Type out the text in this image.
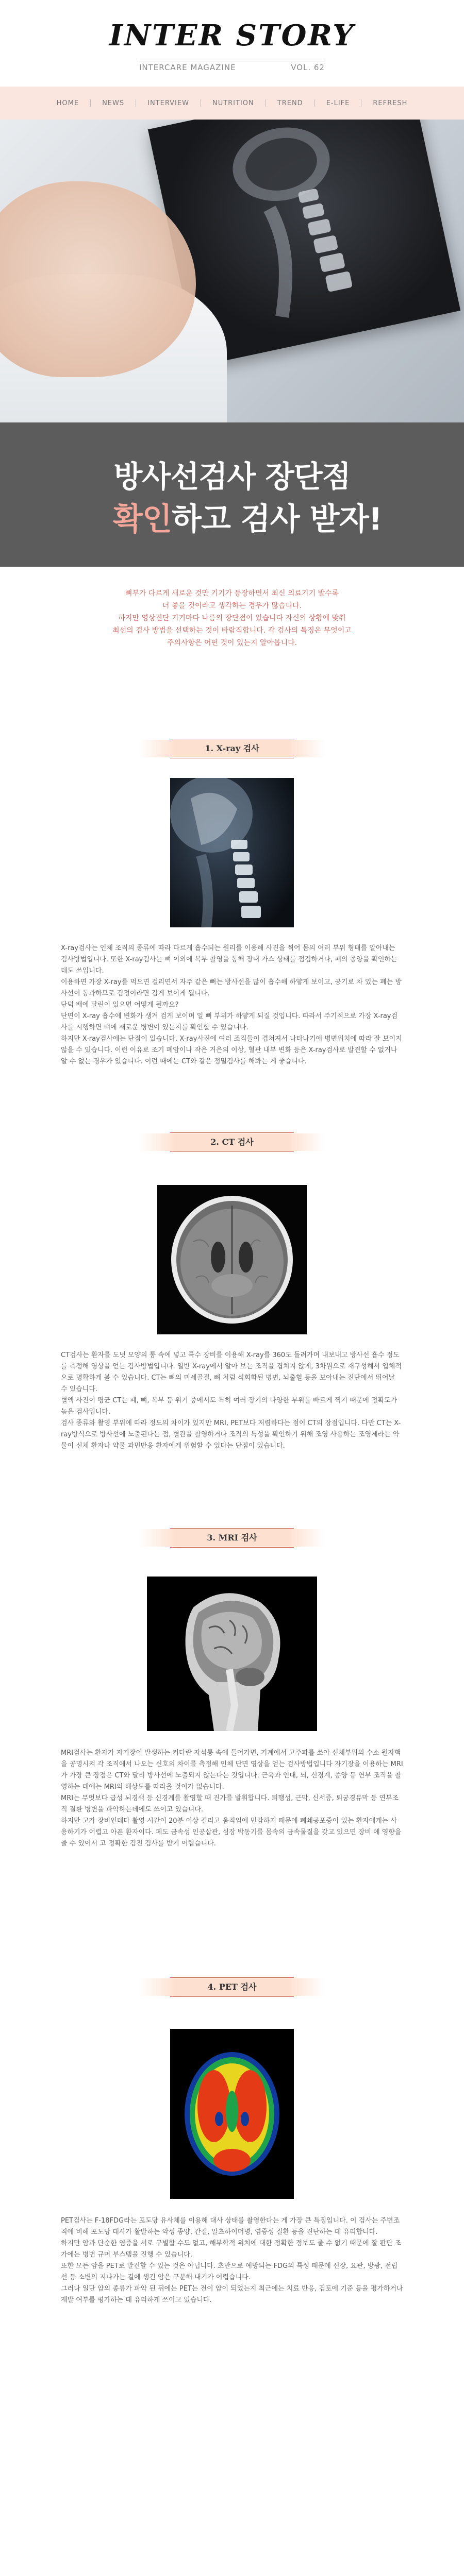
INTER STORY
INTERCARE MAGAZINE	VOL. 62
HOME	NEWS	INTERVIEW	NUTRITION	TREND	E-LIFE	REFRESH
방사선검사 장단점
확인하고 검사 받자!

뼈부가 다르게 새로운 것만 기기가 등장하면서 최신 의료기기 발수록

더 좋을 것이라고 생각하는 경우가 많습니다.

하지만 영상진단 기기마다 나름의 장단점이 있습니다 자신의 상황에 맞춰

최선의 검사 방법을 선택하는 것이 바람직합니다. 각 검사의 특징은 무엇이고

주의사항은 어떤 것이 있는지 알아봅니다.

1. X-ray 검사

X-ray검사는 인체 조직의 종류에 따라 다르게 흡수되는 원리를 이용해 사진을 찍어 몸의 여러 부위 형태를 알아내는 검사방법입니다. 또한 X-ray검사는 뼈 이외에 복부 촬영을 통해 장내 가스 상태를 점검하거나, 폐의 종양을 확인하는데도 쓰입니다.

이용하면 가장 X-ray를 먹으면 걸리면서 자주 같은 뼈는 방사선을 많이 흡수해 하얗게 보이고, 공기로 차 있는 폐는 방사선이 통과하므로 검정이라면 검게 보이게 됩니다.

단덕 배에 달린이 있으면 어떻게 될까요?

단면이 X-ray 흡수에 변화가 생겨 검게 보이며 일 뼈 부위가 하얗게 되질 것입니다. 따라서 주기적으로 가장 X-ray검사를 시행하면 뼈에 새로운 병변이 있는지를 확인할 수 있습니다.

하지만 X-ray검사에는 단점이 있습니다. X-ray사진에 여러 조직들이 겹쳐져서 나타나기에 병변위치에 따라 잘 보이지 않을 수 있습니다. 이런 이유로 조기 폐암이나 작은 거은의 이상, 혈관 내부 변화 등은 X-ray검사로 발견할 수 없거나 알 수 없는 경우가 있습니다. 이런 때에는 CT와 같은 정밀검사를 해봐는 게 좋습니다.

2. CT 검사

CT검사는 환자를 도넛 모양의 통 속에 넣고 특수 장비를 이용해 X-ray를 360도 돌려가며 내보내고 방사선 흡수 정도를 측정해 영상을 얻는 검사방법입니다. 일반 X-ray에서 알아 보는 조직을 겹치지 않게, 3차원으로 재구성해서 입체적으로 명확하게 볼 수 있습니다. CT는 뼈의 미세골절, 뼈 처럼 석회화된 병변, 뇌출혈 등을 보아내는 진단에서 뛰어날 수 있습니다.

혈액 사진이 평균 CT는 폐, 뼈, 복부 등 위기 중에서도 특히 여러 장기의 다양한 부위를 빠르게 찍기 때문에 정확도가 높은 검사입니다.

검사 종류와 촬영 부위에 따라 정도의 차이가 있지만 MRI, PET보다 저렴하다는 점이 CT의 장점입니다. 다만 CT는 X-ray방식으로 방사선에 노출된다는 점, 혈관을 촬영하거나 조직의 특성을 확인하기 위해 조영 사용하는 조영제라는 약물이 신체 환자나 약물 과민반응 환자에게 위험할 수 있다는 단점이 있습니다.

3. MRI 검사

MRI검사는 환자가 자기장이 발생하는 커다란 자석통 속에 들어가면, 기계에서 고주파를 쏘아 신체부위의 수소 원자핵을 공명시켜 각 조직에서 나오는 신호의 차이를 측정해 인체 단면 영상을 얻는 검사방법입니다 자기장을 이용하는 MRI가 가장 큰 장점은 CT와 달리 방사선에 노출되지 않는다는 것입니다. 근육과 인대, 뇌, 신경계, 종양 등 연부 조직을 촬영하는 데에는 MRI의 해상도를 따라올 것이가 없습니다.

MRI는 무엇보다 급성 뇌경색 등 신경계를 촬영할 때 진가를 발휘합니다. 퇴행성, 근막, 신서증, 퇴궁경뮤막 등 연부조직 질환 병변을 파악하는데에도 쓰이고 있습니다.

하지만 고가 장비인데다 촬영 시간이 20분 이상 걸리고 움직임에 민감하기 때문에 폐쇄공포증이 있는 환자에게는 사용하기가 어렵고 아픈 환자이다. 페도 금속성 인공삽관, 심장 박동기를 몸속의 금속물질을 갖고 있으면 장비 에 영향을 줄 수 있어서 고 정확한 검진 검사를 받기 어렵습니다.

4. PET 검사

PET검사는 F-18FDG라는 포도당 유사체를 이용해 대사 상태를 촬영한다는 게 가장 큰 특징입니다. 이 검사는 주변조직에 비해 포도당 대사가 활발하는 악성 종양, 간질, 알츠하이머병, 염증성 질환 등을 진단하는 데 유리합니다.

하지만 암과 단순한 염증을 서로 구별할 수도 없고, 해부학적 위치에 대한 정확한 정보도 줄 수 없기 때문에 잘 판단 조가에는 병변 규머 부스템을 진행 수 있습니다.

또한 모든 암을 PET로 발견할 수 있는 것은 아닙니다. 초반으로 예방되는 FDG의 특성 때문에 신장, 요관, 방광, 전립선 등 소변의 지나가는 길에 생긴 암은 구분해 내기가 어렵습니다.

그러나 일단 암의 종류가 파악 된 뒤에는 PET는 전이 암이 되었는지 최근에는 치료 반응, 검토에 기준 등을 평가하거나 재발 여부를 평가하는 데 유리하게 쓰이고 있습니다.
